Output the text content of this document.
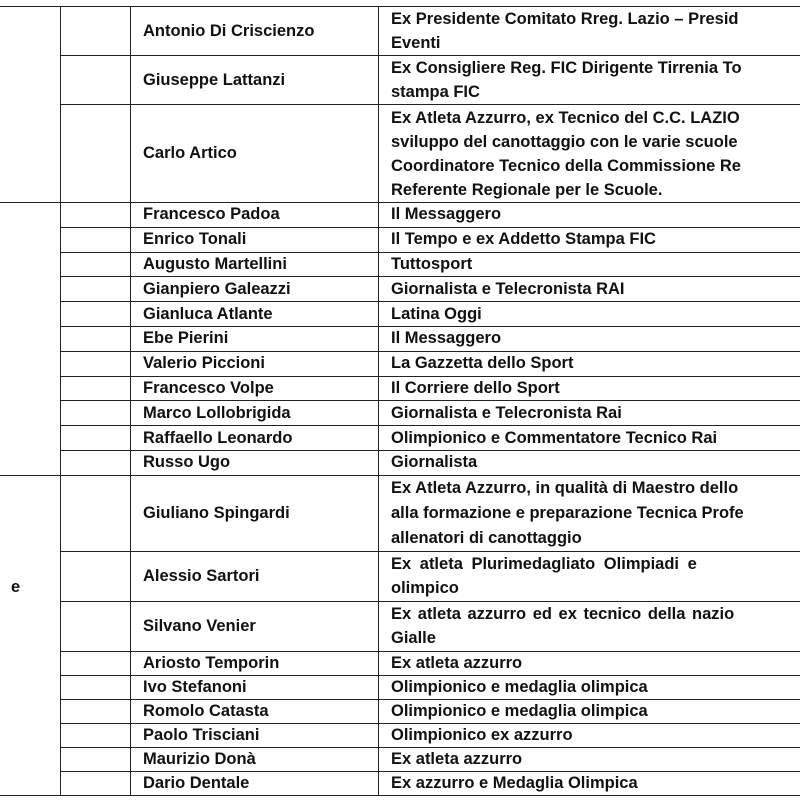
		Antonio Di Criscienzo	Ex Presidente Comitato Rreg. Lazio – Presid
Eventi

		Giuseppe Lattanzi	Ex Consigliere Reg. FIC Dirigente Tirrenia To
stampa FIC

		Carlo Artico	Ex Atleta Azzurro, ex Tecnico del C.C. LAZIO
sviluppo del canottaggio con le varie scuole
Coordinatore Tecnico della Commissione Re
Referente Regionale per le Scuole.

		Francesco Padoa	Il Messaggero
		Enrico Tonali	Il Tempo e ex Addetto Stampa FIC
		Augusto Martellini	Tuttosport
		Gianpiero Galeazzi	Giornalista e Telecronista RAI
		Gianluca Atlante	Latina Oggi
		Ebe Pierini	Il Messaggero
		Valerio Piccioni	La Gazzetta dello Sport
		Francesco Volpe	Il Corriere dello Sport
		Marco Lollobrigida	Giornalista e Telecronista Rai
		Raffaello Leonardo	Olimpionico e Commentatore Tecnico Rai
		Russo Ugo	Giornalista
e		Giuliano Spingardi	Ex Atleta Azzurro, in qualità di Maestro dello
alla formazione e preparazione Tecnica Profe
allenatori di canottaggio

		Alessio Sartori	Ex atleta Plurimedagliato Olimpiadi e
olimpico

		Silvano Venier	Ex atleta azzurro ed ex tecnico della nazio
Gialle

		Ariosto Temporin	Ex atleta azzurro
		Ivo Stefanoni	Olimpionico e medaglia olimpica
		Romolo Catasta	Olimpionico e medaglia olimpica
		Paolo Trisciani	Olimpionico ex azzurro
		Maurizio Donà	Ex atleta azzurro
		Dario Dentale	Ex azzurro e Medaglia Olimpica
